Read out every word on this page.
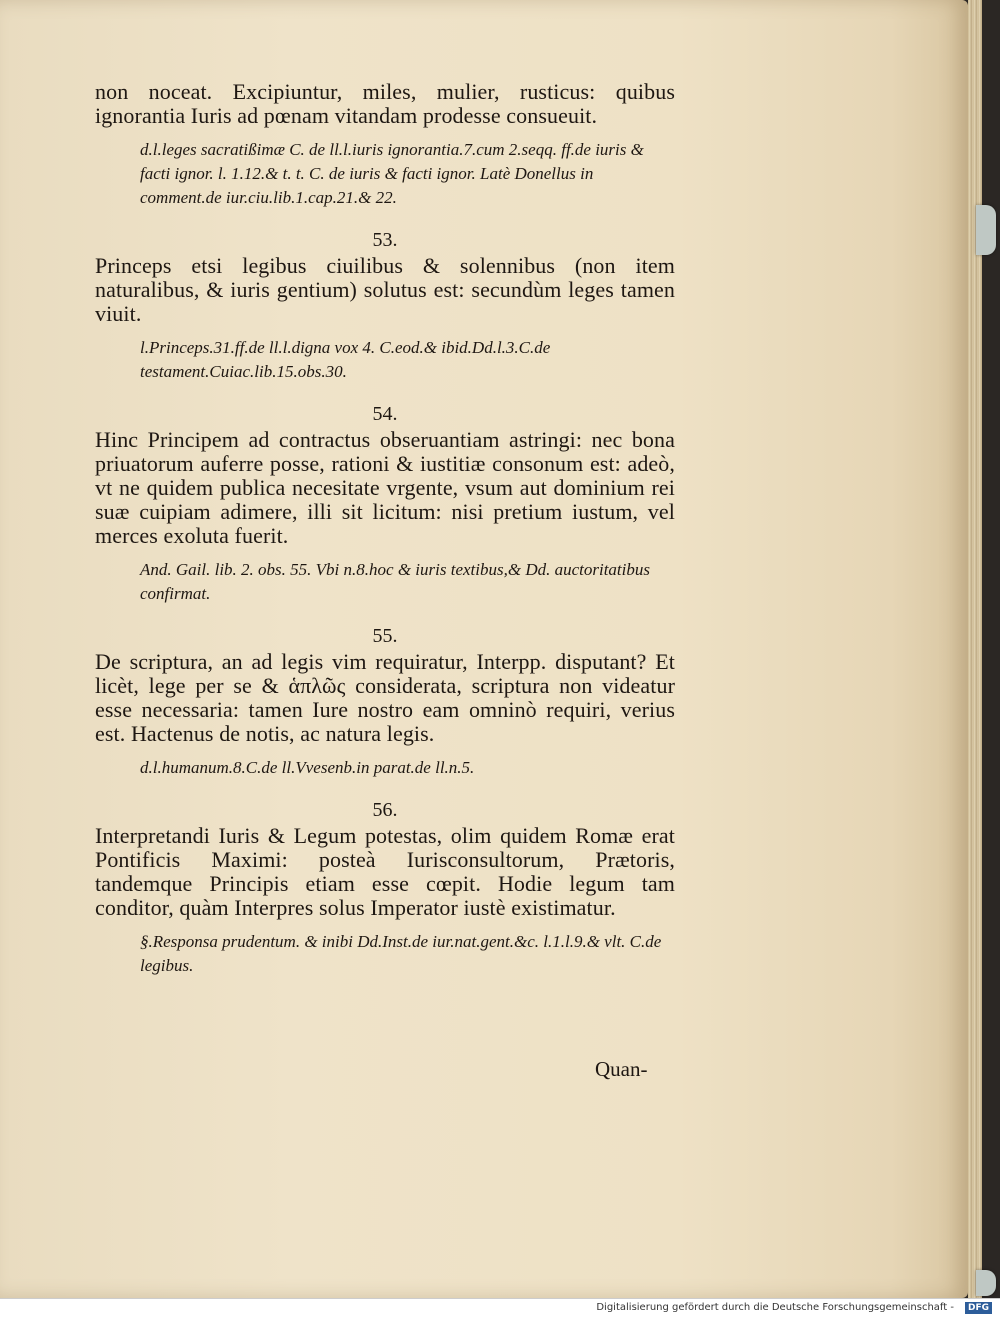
non noceat. Excipiuntur, miles, mulier, rusticus: quibus ignorantia Iuris ad pœnam vitandam prodesse consueuit.

d.l.leges sacratißimæ C. de ll.l.iuris ignorantia.7.cum 2.seqq. ff.de iuris & facti ignor. l. 1.12.& t. t. C. de iuris & facti ignor. Latè Donellus in comment.de iur.ciu.lib.1.cap.21.& 22.

53.

Princeps etsi legibus ciuilibus & solennibus (non item naturalibus, & iuris gentium) solutus est: secundùm leges tamen viuit.

l.Princeps.31.ff.de ll.l.digna vox 4. C.eod.& ibid.Dd.l.3.C.de testament.Cuiac.lib.15.obs.30.

54.

Hinc Principem ad contractus obseruantiam astringi: nec bona priuatorum auferre posse, rationi & iustitiæ consonum est: adeò, vt ne quidem publica necesitate vrgente, vsum aut dominium rei suæ cuipiam adimere, illi sit licitum: nisi pretium iustum, vel merces exoluta fuerit.

And. Gail. lib. 2. obs. 55. Vbi n.8.hoc & iuris textibus,& Dd. auctoritatibus confirmat.

55.

De scriptura, an ad legis vim requiratur, Interpp. disputant? Et licèt, lege per se & ἁπλῶς considerata, scriptura non videatur esse necessaria: tamen Iure nostro eam omninò requiri, verius est. Hactenus de notis, ac natura legis.

d.l.humanum.8.C.de ll.Vvesenb.in parat.de ll.n.5.

56.

Interpretandi Iuris & Legum potestas, olim quidem Romæ erat Pontificis Maximi: posteà Iurisconsultorum, Prætoris, tandemque Principis etiam esse cœpit. Hodie legum tam conditor, quàm Interpres solus Imperator iustè existimatur.

§.Responsa prudentum. & inibi Dd.Inst.de iur.nat.gent.&c. l.1.l.9.& vlt. C.de legibus.

Quan-
Digitalisierung gefördert durch die Deutsche Forschungsgemeinschaft -	DFG
